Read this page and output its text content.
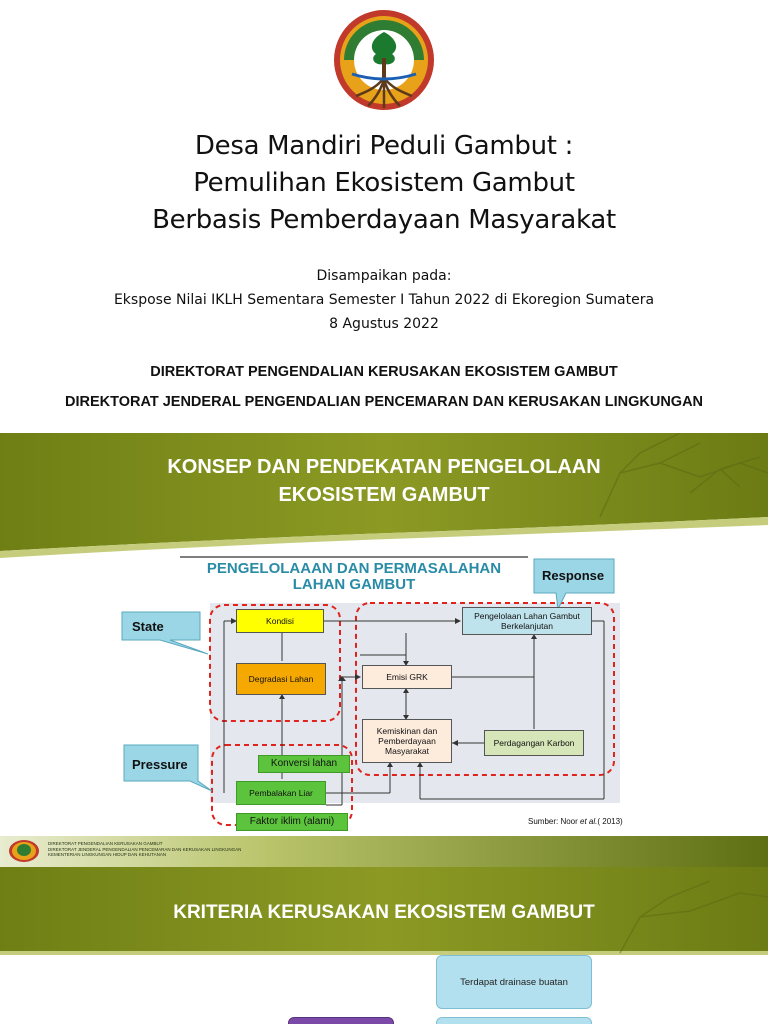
Desa Mandiri Peduli Gambut :
Pemulihan Ekosistem Gambut
Berbasis Pemberdayaan Masyarakat
Disampaikan pada:
Ekspose Nilai IKLH Sementara Semester I Tahun 2022 di Ekoregion Sumatera
8 Agustus 2022
DIREKTORAT PENGENDALIAN KERUSAKAN EKOSISTEM GAMBUT
DIREKTORAT JENDERAL PENGENDALIAN PENCEMARAN DAN KERUSAKAN LINGKUNGAN
KONSEP DAN PENDEKATAN PENGELOLAAN
EKOSISTEM GAMBUT
PENGELOLAAAN DAN PERMASALAHAN
LAHAN GAMBUT
State
Pressure
Response
Kondisi
Degradasi Lahan	Emisi GRK
Pengelolaan Lahan Gambut Berkelanjutan
Kemiskinan dan Pemberdayaan Masyarakat
Perdagangan Karbon
Konversi lahan
Pembalakan Liar
Faktor iklim (alami)	Sumber: Noor et al.( 2013)
DIREKTORAT PENGENDALIAN KERUSAKAN GAMBUT
DIREKTORAT JENDERAL PENGENDALIAN PENCEMARAN DAN KERUSAKAN LINGKUNGAN
KEMENTERIAN LINGKUNGAN HIDUP DAN KEHUTANAN
KRITERIA KERUSAKAN EKOSISTEM GAMBUT
Terdapat drainase buatan
